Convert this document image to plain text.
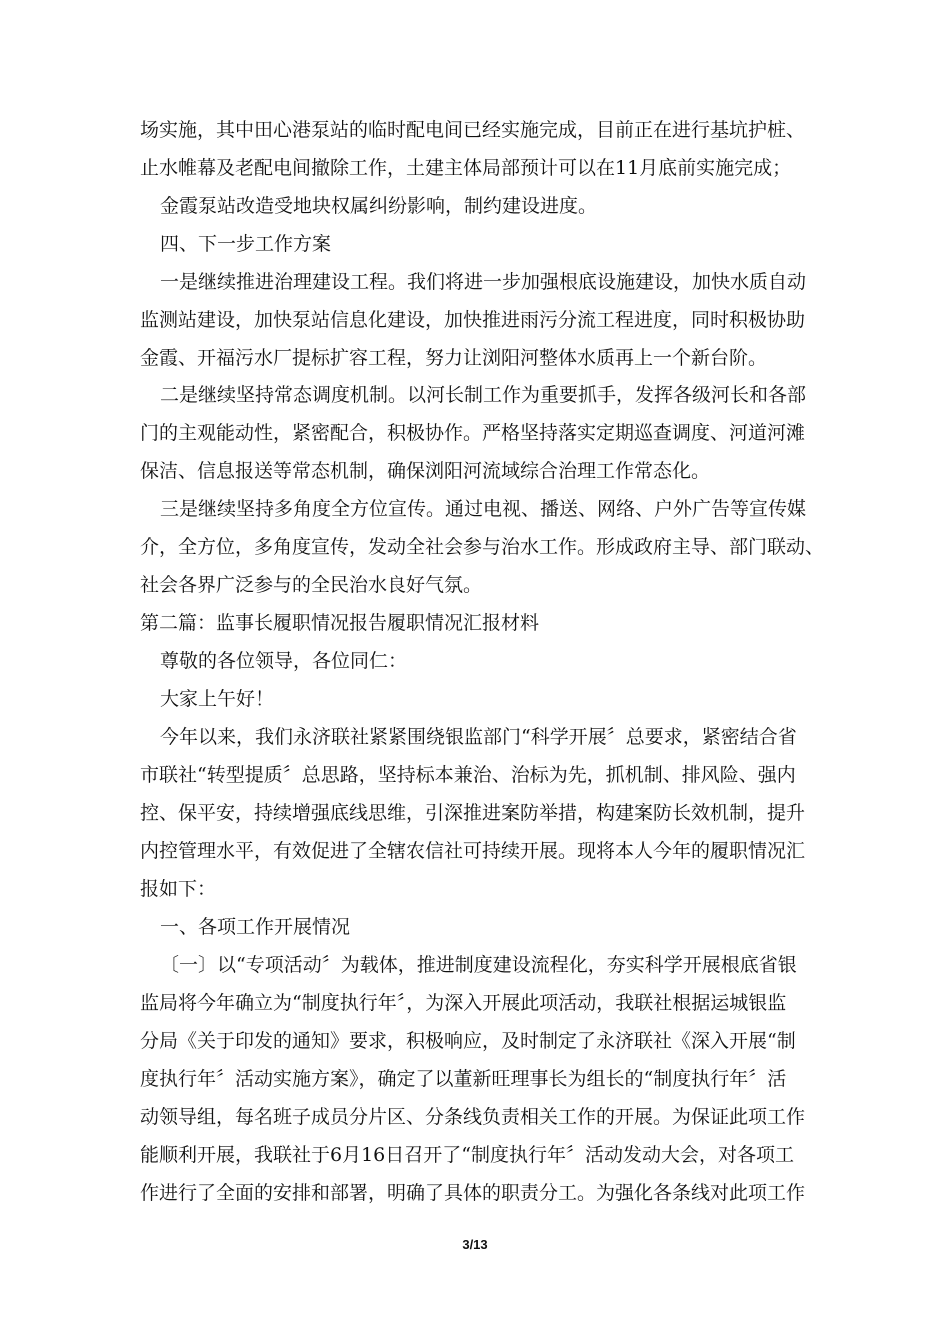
场实施，其中田心港泵站的临时配电间已经实施完成，目前正在进行基坑护桩、
止水帷幕及老配电间撤除工作，土建主体局部预计可以在11月底前实施完成；
金霞泵站改造受地块权属纠纷影响，制约建设进度。
四、下一步工作方案
一是继续推进治理建设工程。我们将进一步加强根底设施建设，加快水质自动
监测站建设，加快泵站信息化建设，加快推进雨污分流工程进度，同时积极协助
金霞、开福污水厂提标扩容工程，努力让浏阳河整体水质再上一个新台阶。
二是继续坚持常态调度机制。以河长制工作为重要抓手，发挥各级河长和各部
门的主观能动性，紧密配合，积极协作。严格坚持落实定期巡查调度、河道河滩
保洁、信息报送等常态机制，确保浏阳河流域综合治理工作常态化。
三是继续坚持多角度全方位宣传。通过电视、播送、网络、户外广告等宣传媒
介，全方位，多角度宣传，发动全社会参与治水工作。形成政府主导、部门联动、
社会各界广泛参与的全民治水良好气氛。
第二篇：监事长履职情况报告履职情况汇报材料
尊敬的各位领导，各位同仁：
大家上午好！
今年以来，我们永济联社紧紧围绕银监部门“科学开展〞总要求，紧密结合省
市联社“转型提质〞总思路，坚持标本兼治、治标为先，抓机制、排风险、强内
控、保平安，持续增强底线思维，引深推进案防举措，构建案防长效机制，提升
内控管理水平，有效促进了全辖农信社可持续开展。现将本人今年的履职情况汇
报如下：
一、各项工作开展情况
〔一〕以“专项活动〞为载体，推进制度建设流程化，夯实科学开展根底省银
监局将今年确立为“制度执行年〞，为深入开展此项活动，我联社根据运城银监
分局《关于印发的通知》要求，积极响应，及时制定了永济联社《深入开展“制
度执行年〞活动实施方案》，确定了以董新旺理事长为组长的“制度执行年〞活
动领导组，每名班子成员分片区、分条线负责相关工作的开展。为保证此项工作
能顺利开展，我联社于6月16日召开了“制度执行年〞活动发动大会，对各项工
作进行了全面的安排和部署，明确了具体的职责分工。为强化各条线对此项工作
3/13
